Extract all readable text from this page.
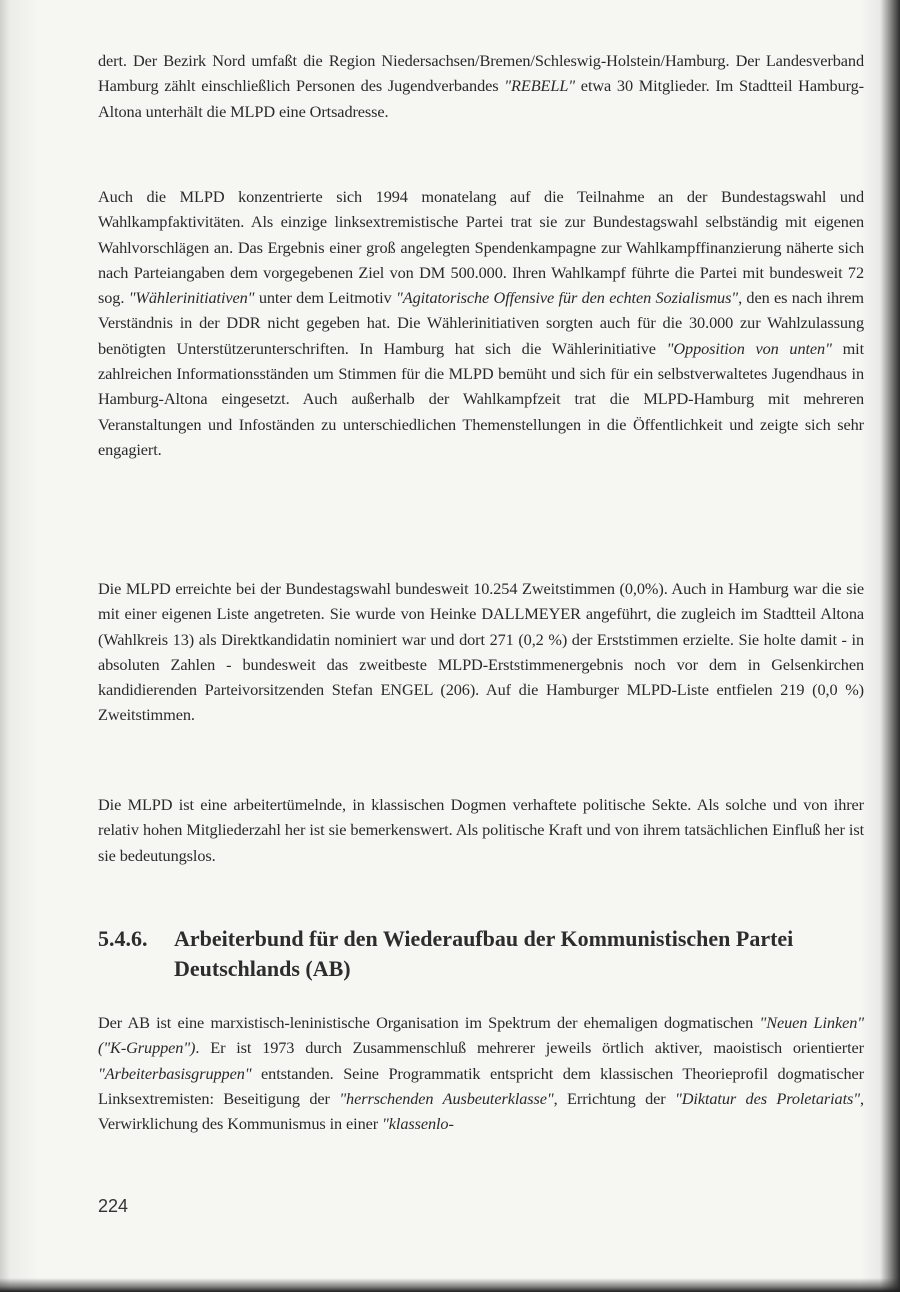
dert. Der Bezirk Nord umfaßt die Region Niedersachsen/Bremen/Schleswig-Holstein/Hamburg. Der Landesverband Hamburg zählt einschließlich Personen des Jugendverbandes "REBELL" etwa 30 Mitglieder. Im Stadtteil Hamburg-Altona unterhält die MLPD eine Ortsadresse.
Auch die MLPD konzentrierte sich 1994 monatelang auf die Teilnahme an der Bundestagswahl und Wahlkampfaktivitäten. Als einzige linksextremistische Partei trat sie zur Bundestagswahl selbständig mit eigenen Wahlvorschlägen an. Das Ergebnis einer groß angelegten Spendenkampagne zur Wahlkampffinanzierung näherte sich nach Parteiangaben dem vorgegebenen Ziel von DM 500.000. Ihren Wahlkampf führte die Partei mit bundesweit 72 sog. "Wählerinitiativen" unter dem Leitmotiv "Agitatorische Offensive für den echten Sozialismus", den es nach ihrem Verständnis in der DDR nicht gegeben hat. Die Wählerinitiativen sorgten auch für die 30.000 zur Wahlzulassung benötigten Unterstützerunterschriften. In Hamburg hat sich die Wählerinitiative "Opposition von unten" mit zahlreichen Informationsständen um Stimmen für die MLPD bemüht und sich für ein selbstverwaltetes Jugendhaus in Hamburg-Altona eingesetzt. Auch außerhalb der Wahlkampfzeit trat die MLPD-Hamburg mit mehreren Veranstaltungen und Infoständen zu unterschiedlichen Themenstellungen in die Öffentlichkeit und zeigte sich sehr engagiert.
Die MLPD erreichte bei der Bundestagswahl bundesweit 10.254 Zweitstimmen (0,0%). Auch in Hamburg war die sie mit einer eigenen Liste angetreten. Sie wurde von Heinke DALLMEYER angeführt, die zugleich im Stadtteil Altona (Wahlkreis 13) als Direktkandidatin nominiert war und dort 271 (0,2 %) der Erststimmen erzielte. Sie holte damit - in absoluten Zahlen - bundesweit das zweitbeste MLPD-Erststimmenergebnis noch vor dem in Gelsenkirchen kandidierenden Parteivorsitzenden Stefan ENGEL (206). Auf die Hamburger MLPD-Liste entfielen 219 (0,0 %) Zweitstimmen.
Die MLPD ist eine arbeitertümelnde, in klassischen Dogmen verhaftete politische Sekte. Als solche und von ihrer relativ hohen Mitgliederzahl her ist sie bemerkenswert. Als politische Kraft und von ihrem tatsächlichen Einfluß her ist sie bedeutungslos.
5.4.6.	Arbeiterbund für den Wiederaufbau der Kommunistischen Partei Deutschlands (AB)
Der AB ist eine marxistisch-leninistische Organisation im Spektrum der ehemaligen dogmatischen "Neuen Linken" ("K-Gruppen"). Er ist 1973 durch Zusammenschluß mehrerer jeweils örtlich aktiver, maoistisch orientierter "Arbeiterbasisgruppen" entstanden. Seine Programmatik entspricht dem klassischen Theorieprofil dogmatischer Linksextremisten: Beseitigung der "herrschenden Ausbeuterklasse", Errichtung der "Diktatur des Proletariats", Verwirklichung des Kommunismus in einer "klassenlo-
224
